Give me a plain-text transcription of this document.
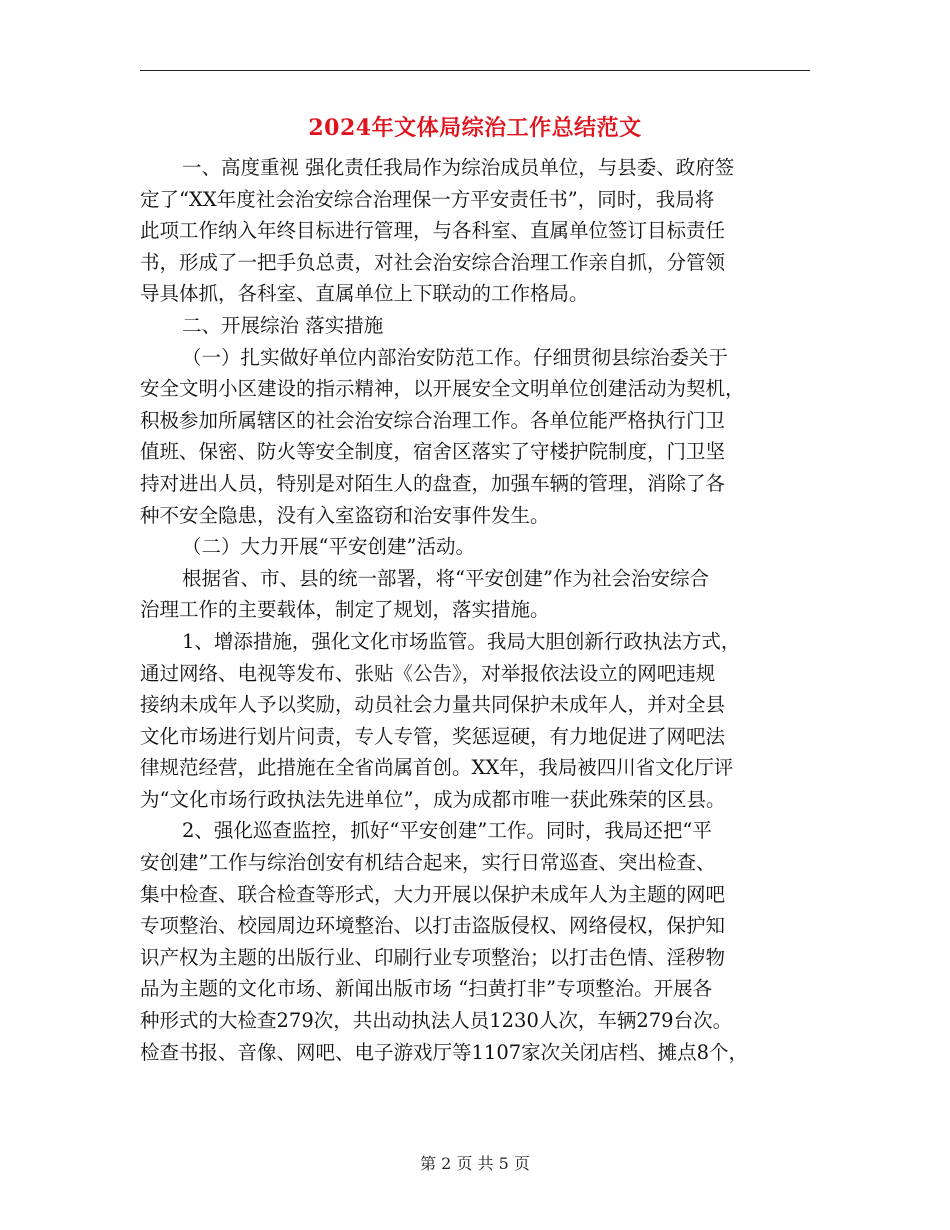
2024年文体局综治工作总结范文
一、高度重视 强化责任我局作为综治成员单位，与县委、政府签
定了“XX年度社会治安综合治理保一方平安责任书”，同时，我局将
此项工作纳入年终目标进行管理，与各科室、直属单位签订目标责任
书，形成了一把手负总责，对社会治安综合治理工作亲自抓，分管领
导具体抓，各科室、直属单位上下联动的工作格局。
二、开展综治 落实措施
（一）扎实做好单位内部治安防范工作。仔细贯彻县综治委关于
安全文明小区建设的指示精神，以开展安全文明单位创建活动为契机，
积极参加所属辖区的社会治安综合治理工作。各单位能严格执行门卫
值班、保密、防火等安全制度，宿舍区落实了守楼护院制度，门卫坚
持对进出人员，特别是对陌生人的盘查，加强车辆的管理，消除了各
种不安全隐患，没有入室盗窃和治安事件发生。
（二）大力开展“平安创建”活动。
根据省、市、县的统一部署，将“平安创建”作为社会治安综合
治理工作的主要载体，制定了规划，落实措施。
1、增添措施，强化文化市场监管。我局大胆创新行政执法方式，
通过网络、电视等发布、张贴《公告》，对举报依法设立的网吧违规
接纳未成年人予以奖励，动员社会力量共同保护未成年人，并对全县
文化市场进行划片问责，专人专管，奖惩逗硬，有力地促进了网吧法
律规范经营，此措施在全省尚属首创。XX年，我局被四川省文化厅评
为“文化市场行政执法先进单位”，成为成都市唯一获此殊荣的区县。
2、强化巡查监控，抓好“平安创建”工作。同时，我局还把“平
安创建”工作与综治创安有机结合起来，实行日常巡查、突出检查、
集中检查、联合检查等形式，大力开展以保护未成年人为主题的网吧
专项整治、校园周边环境整治、以打击盗版侵权、网络侵权，保护知
识产权为主题的出版行业、印刷行业专项整治；以打击色情、淫秽物
品为主题的文化市场、新闻出版市场 “扫黄打非”专项整治。开展各
种形式的大检查279次，共出动执法人员1230人次，车辆279台次。
检查书报、音像、网吧、电子游戏厅等1107家次关闭店档、摊点8个，
第 2 页 共 5 页
